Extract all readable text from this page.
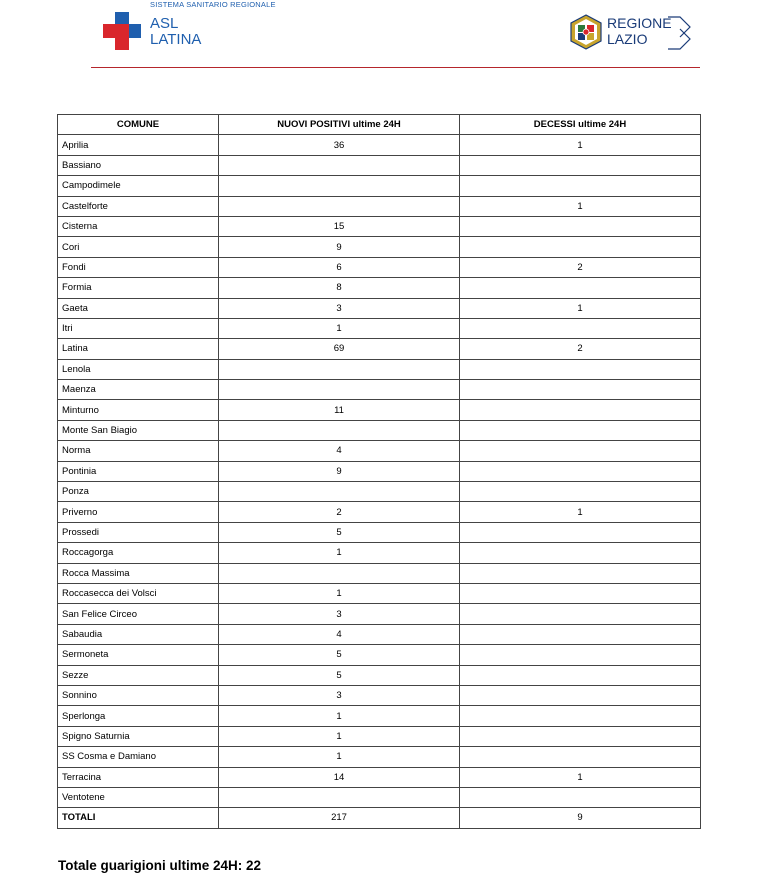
SISTEMA SANITARIO REGIONALE
ASL
LATINA
REGIONE
LAZIO
COMUNE	NUOVI POSITIVI ultime 24H	DECESSI ultime 24H
Aprilia	36	1
Bassiano		
Campodimele		
Castelforte		1
Cisterna	15	
Cori	9	
Fondi	6	2
Formia	8	
Gaeta	3	1
Itri	1	
Latina	69	2
Lenola		
Maenza		
Minturno	11	
Monte San Biagio		
Norma	4	
Pontinia	9	
Ponza		
Priverno	2	1
Prossedi	5	
Roccagorga	1	
Rocca Massima		
Roccasecca dei Volsci	1	
San Felice Circeo	3	
Sabaudia	4	
Sermoneta	5	
Sezze	5	
Sonnino	3	
Sperlonga	1	
Spigno Saturnia	1	
SS Cosma e Damiano	1	
Terracina	14	1
Ventotene		
TOTALI	217	9
Totale guarigioni ultime 24H: 22
